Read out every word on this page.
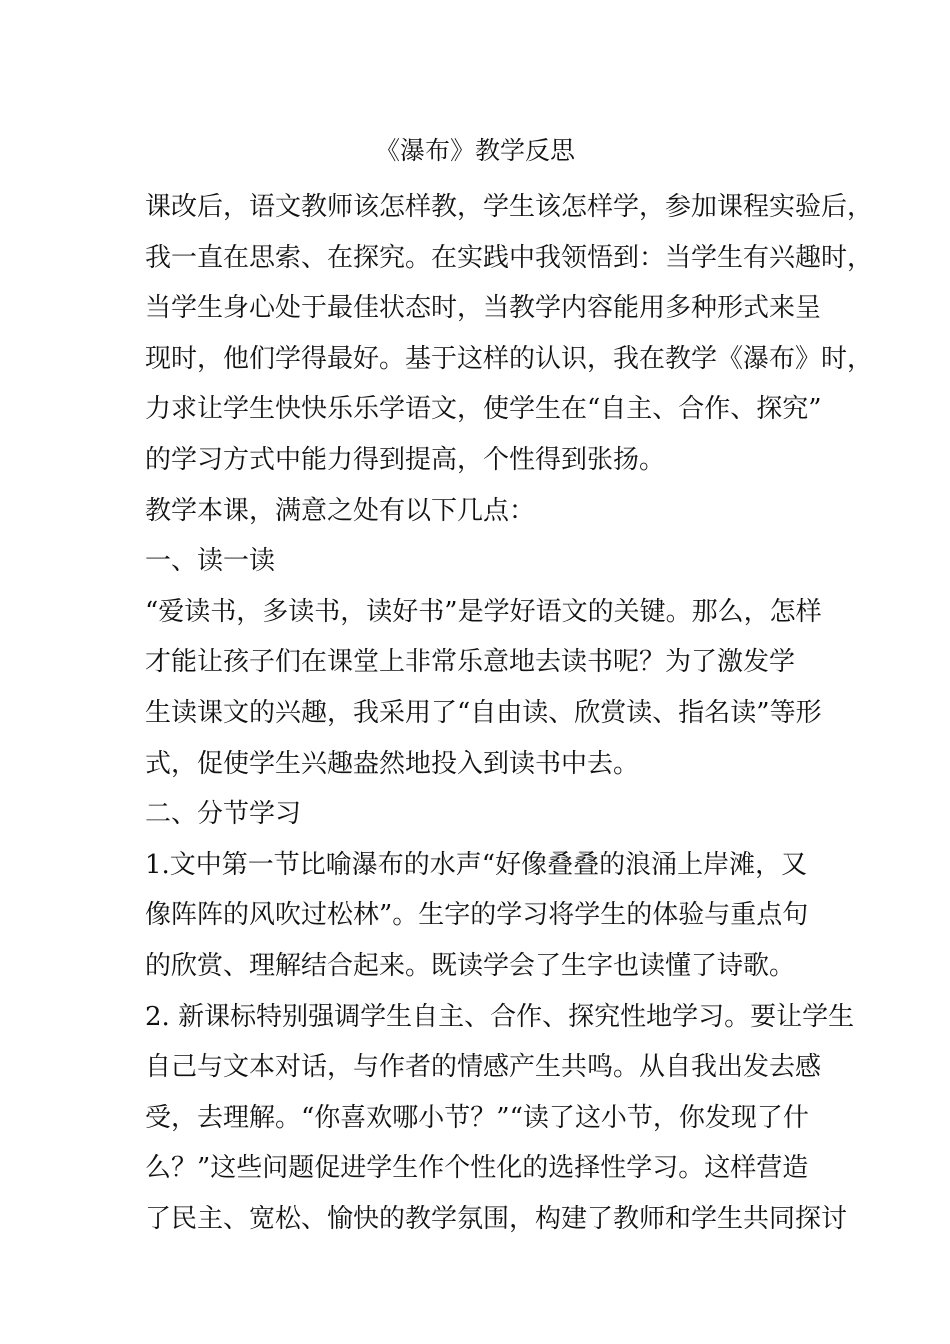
《瀑布》教学反思

课改后，语文教师该怎样教，学生该怎样学，参加课程实验后，

我一直在思索、在探究。在实践中我领悟到：当学生有兴趣时，

当学生身心处于最佳状态时，当教学内容能用多种形式来呈

现时，他们学得最好。基于这样的认识，我在教学《瀑布》时，

力求让学生快快乐乐学语文，使学生在“自主、合作、探究”

的学习方式中能力得到提高，个性得到张扬。

教学本课，满意之处有以下几点：

一、读一读

“爱读书，多读书，读好书”是学好语文的关键。那么，怎样

才能让孩子们在课堂上非常乐意地去读书呢？为了激发学

生读课文的兴趣，我采用了“自由读、欣赏读、指名读”等形

式，促使学生兴趣盎然地投入到读书中去。

二、分节学习

1.文中第一节比喻瀑布的水声“好像叠叠的浪涌上岸滩，又

像阵阵的风吹过松林”。生字的学习将学生的体验与重点句

的欣赏、理解结合起来。既读学会了生字也读懂了诗歌。

2. 新课标特别强调学生自主、合作、探究性地学习。要让学生

自己与文本对话，与作者的情感产生共鸣。从自我出发去感

受，去理解。“你喜欢哪小节？”“读了这小节，你发现了什

么？”这些问题促进学生作个性化的选择性学习。这样营造

了民主、宽松、愉快的教学氛围，构建了教师和学生共同探讨
